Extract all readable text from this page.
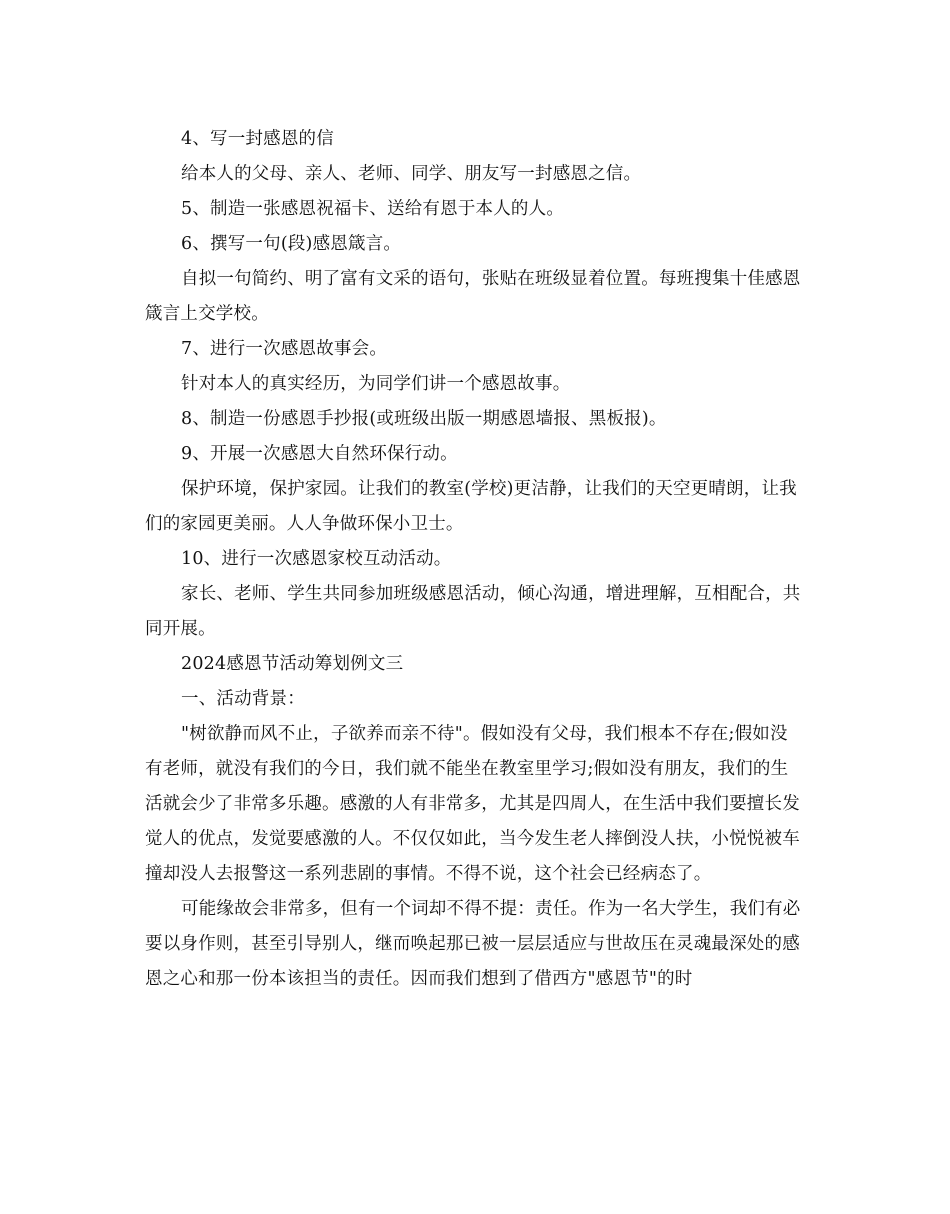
4、写一封感恩的信

给本人的父母、亲人、老师、同学、朋友写一封感恩之信。

5、制造一张感恩祝福卡、送给有恩于本人的人。

6、撰写一句(段)感恩箴言。

自拟一句简约、明了富有文采的语句，张贴在班级显着位置。每班搜集十佳感恩箴言上交学校。

7、进行一次感恩故事会。

针对本人的真实经历，为同学们讲一个感恩故事。

8、制造一份感恩手抄报(或班级出版一期感恩墙报、黑板报)。

9、开展一次感恩大自然环保行动。

保护环境，保护家园。让我们的教室(学校)更洁静，让我们的天空更晴朗，让我们的家园更美丽。人人争做环保小卫士。

10、进行一次感恩家校互动活动。

家长、老师、学生共同参加班级感恩活动，倾心沟通，增进理解，互相配合，共同开展。

2024感恩节活动筹划例文三

一、活动背景：

"树欲静而风不止，子欲养而亲不待"。假如没有父母，我们根本不存在;假如没有老师，就没有我们的今日，我们就不能坐在教室里学习;假如没有朋友，我们的生活就会少了非常多乐趣。感激的人有非常多，尤其是四周人，在生活中我们要擅长发觉人的优点，发觉要感激的人。不仅仅如此，当今发生老人摔倒没人扶，小悦悦被车撞却没人去报警这一系列悲剧的事情。不得不说，这个社会已经病态了。

可能缘故会非常多，但有一个词却不得不提：责任。作为一名大学生，我们有必要以身作则，甚至引导别人，继而唤起那已被一层层适应与世故压在灵魂最深处的感恩之心和那一份本该担当的责任。因而我们想到了借西方"感恩节"的时
